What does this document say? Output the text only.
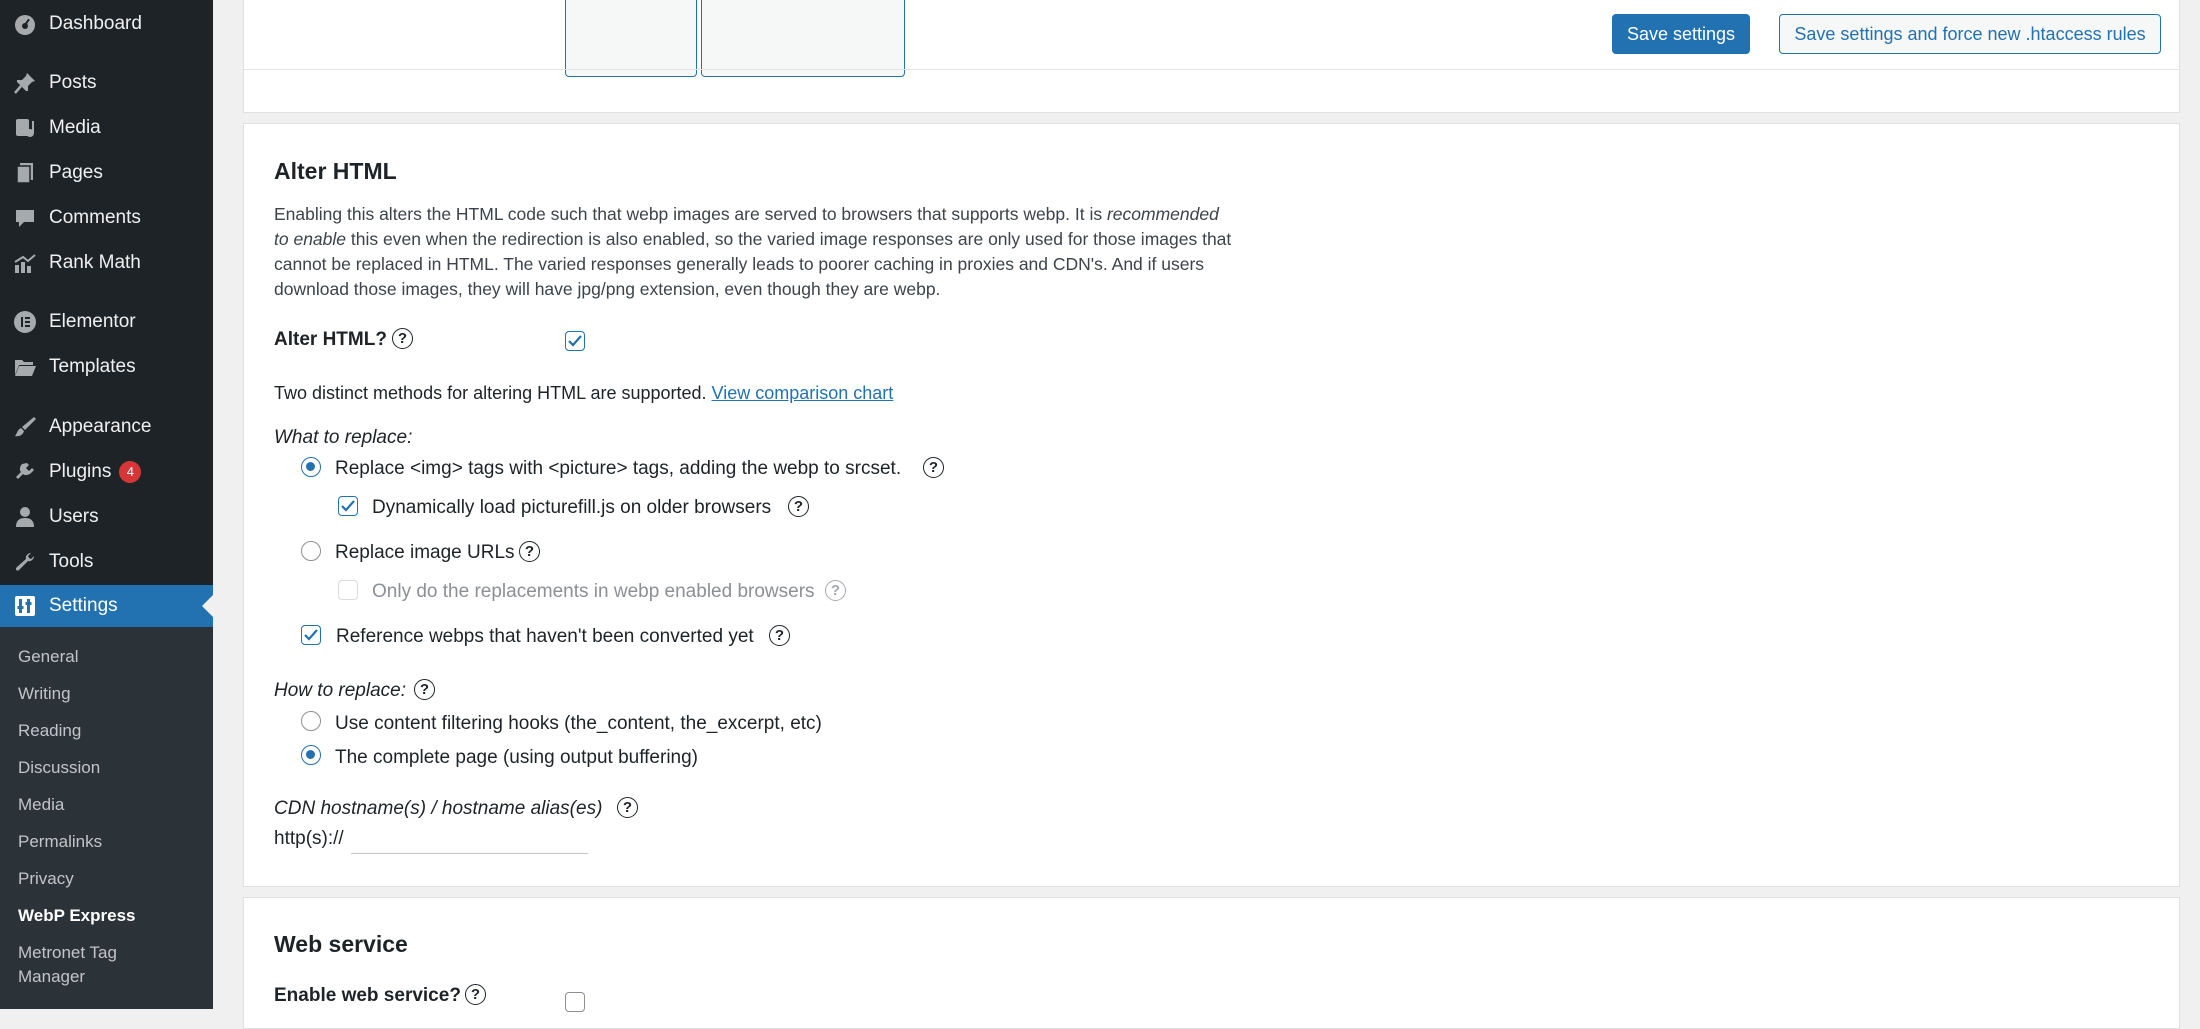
Dashboard
Posts
Media
Pages
Comments
Rank Math
Elementor
Templates
Appearance
Plugins 4
Users
Tools
Settings
General
Writing
Reading
Discussion
Media
Permalinks
Privacy
WebP Express
Metronet Tag
Manager
Save settings	Save settings and force new .htaccess rules
Alter HTML
Enabling this alters the HTML code such that webp images are served to browsers that supports webp. It is recommended
to enable this even when the redirection is also enabled, so the varied image responses are only used for those images that
cannot be replaced in HTML. The varied responses generally leads to poorer caching in proxies and CDN's. And if users
download those images, they will have jpg/png extension, even though they are webp.
Alter HTML? ?
Two distinct methods for altering HTML are supported. View comparison chart
What to replace:
Replace <img> tags with <picture> tags, adding the webp to srcset.	?
Dynamically load picturefill.js on older browsers	?
Replace image URLs ?
Only do the replacements in webp enabled browsers	?
Reference webps that haven't been converted yet	?
How to replace: ?
Use content filtering hooks (the_content, the_excerpt, etc)
The complete page (using output buffering)
CDN hostname(s) / hostname alias(es)	?
http(s)://
Web service
Enable web service? ?
